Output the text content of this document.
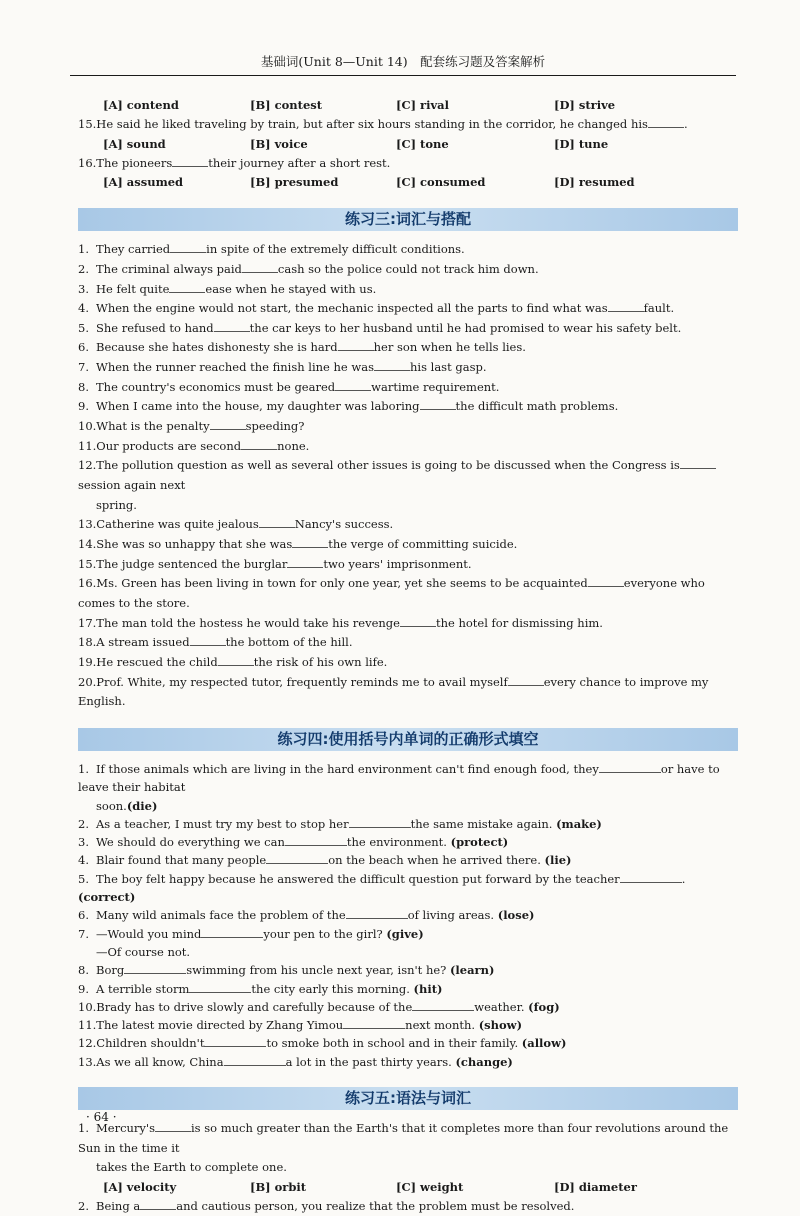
基础词(Unit 8—Unit 14)　配套练习题及答案解析
[A] contend	[B] contest	[C] rival	[D] strive
15.He said he liked traveling by train, but after six hours standing in the corridor, he changed his	.
[A] sound	[B] voice	[C] tone	[D] tune
16.The pioneers	their journey after a short rest.
[A] assumed	[B] presumed	[C] consumed	[D] resumed
练习三:词汇与搭配
1. They carried	in spite of the extremely difficult conditions.
2. The criminal always paid	cash so the police could not track him down.
3. He felt quite	ease when he stayed with us.
4. When the engine would not start, the mechanic inspected all the parts to find what was	fault.
5. She refused to hand	the car keys to her husband until he had promised to wear his safety belt.
6. Because she hates dishonesty she is hard	her son when he tells lies.
7. When the runner reached the finish line he was	his last gasp.
8. The country's economics must be geared	wartime requirement.
9. When I came into the house, my daughter was laboring	the difficult math problems.
10.What is the penalty	speeding?
11.Our products are second	none.
12.The pollution question as well as several other issues is going to be discussed when the Congress issession again next
spring.
13.Catherine was quite jealous	Nancy's success.
14.She was so unhappy that she was	the verge of committing suicide.
15.The judge sentenced the burglar	two years' imprisonment.
16.Ms. Green has been living in town for only one year, yet she seems to be acquainted	everyone who comes to the store.
17.The man told the hostess he would take his revenge	the hotel for dismissing him.
18.A stream issued	the bottom of the hill.
19.He rescued the child	the risk of his own life.
20.Prof. White, my respected tutor, frequently reminds me to avail myself	every chance to improve my English.
练习四:使用括号内单词的正确形式填空
1. If those animals which are living in the hard environment can't find enough food, they	or have to leave their habitat
soon.(die)
2. As a teacher, I must try my best to stop her	the same mistake again. (make)
3. We should do everything we can	the environment. (protect)
4. Blair found that many people	on the beach when he arrived there. (lie)
5. The boy felt happy because he answered the difficult question put forward by the teacher	. (correct)
6. Many wild animals face the problem of the	of living areas. (lose)
7. —Would you mind	your pen to the girl? (give)
—Of course not.
8. Borg	swimming from his uncle next year, isn't he? (learn)
9. A terrible storm	the city early this morning. (hit)
10.Brady has to drive slowly and carefully because of the	weather. (fog)
11.The latest movie directed by Zhang Yimou	next month. (show)
12.Children shouldn't	to smoke both in school and in their family. (allow)
13.As we all know, China	a lot in the past thirty years. (change)
练习五:语法与词汇
1. Mercury's	is so much greater than the Earth's that it completes more than four revolutions around the Sun in the time it
takes the Earth to complete one.
[A] velocity	[B] orbit	[C] weight	[D] diameter
2. Being a	and cautious person, you realize that the problem must be resolved.
· 64 ·
